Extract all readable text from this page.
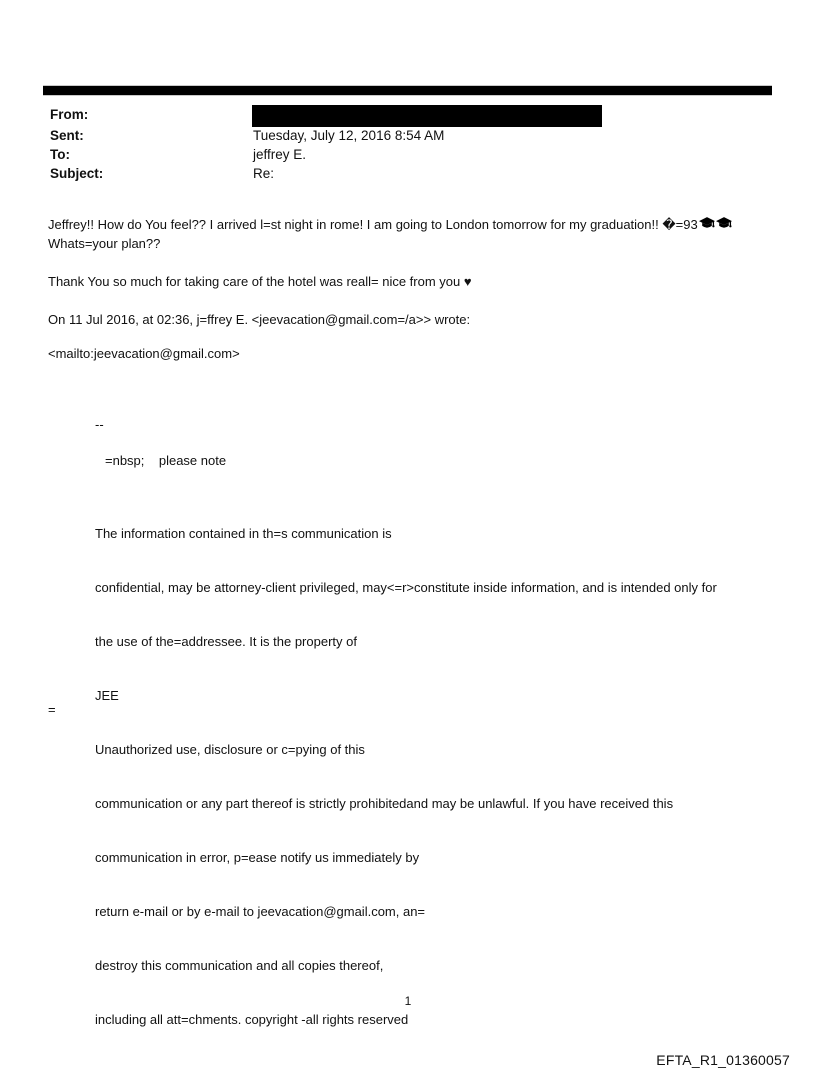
From:
Sent:	Tuesday, July 12, 2016 8:54 AM
To:	jeffrey E.
Subject:	Re:
Jeffrey!! How do You feel?? I arrived l=st night in rome! I am going to London tomorrow for my graduation!! �=93
Whats=your plan??
Thank You so much for taking care of the hotel was reall= nice from you ♥
On 11 Jul 2016, at 02:36, j=ffrey E. <jeevacation@gmail.com=/a>> wrote:
<mailto:jeevacation@gmail.com>
--
=nbsp;    please note

The information contained in th=s communication is

confidential, may be attorney-client privileged, may<=r>constitute inside information, and is intended only for

the use of the=addressee. It is the property of

JEE

Unauthorized use, disclosure or c=pying of this

communication or any part thereof is strictly prohibitedand may be unlawful. If you have received this

communication in error, p=ease notify us immediately by

return e-mail or by e-mail to jeevacation@gmail.com, an=

destroy this communication and all copies thereof,

including all att=chments. copyright -all rights reserved

=
1
EFTA_R1_01360057
